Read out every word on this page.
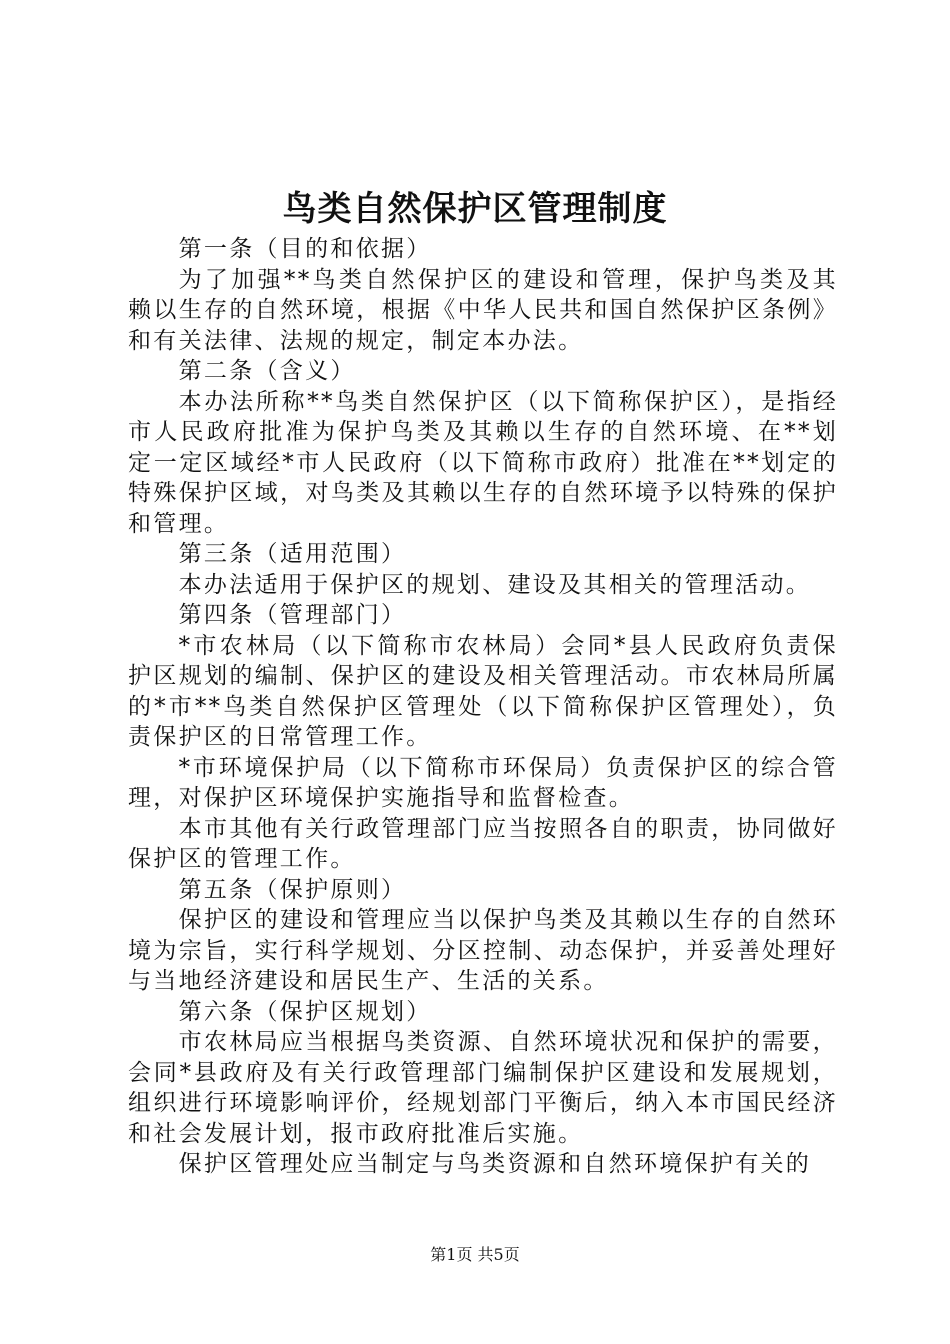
鸟类自然保护区管理制度

第一条（目的和依据）

为了加强**鸟类自然保护区的建设和管理，保护鸟类及其赖以生存的自然环境，根据《中华人民共和国自然保护区条例》和有关法律、法规的规定，制定本办法。

第二条（含义）

本办法所称**鸟类自然保护区（以下简称保护区），是指经市人民政府批准为保护鸟类及其赖以生存的自然环境、在**划定一定区域经*市人民政府（以下简称市政府）批准在**划定的特殊保护区域，对鸟类及其赖以生存的自然环境予以特殊的保护和管理。

第三条（适用范围）

本办法适用于保护区的规划、建设及其相关的管理活动。

第四条（管理部门）

*市农林局（以下简称市农林局）会同*县人民政府负责保护区规划的编制、保护区的建设及相关管理活动。市农林局所属的*市**鸟类自然保护区管理处（以下简称保护区管理处），负责保护区的日常管理工作。

*市环境保护局（以下简称市环保局）负责保护区的综合管理，对保护区环境保护实施指导和监督检查。

本市其他有关行政管理部门应当按照各自的职责，协同做好保护区的管理工作。

第五条（保护原则）

保护区的建设和管理应当以保护鸟类及其赖以生存的自然环境为宗旨，实行科学规划、分区控制、动态保护，并妥善处理好与当地经济建设和居民生产、生活的关系。

第六条（保护区规划）

市农林局应当根据鸟类资源、自然环境状况和保护的需要，会同*县政府及有关行政管理部门编制保护区建设和发展规划，组织进行环境影响评价，经规划部门平衡后，纳入本市国民经济和社会发展计划，报市政府批准后实施。

保护区管理处应当制定与鸟类资源和自然环境保护有关的

第1页 共5页
